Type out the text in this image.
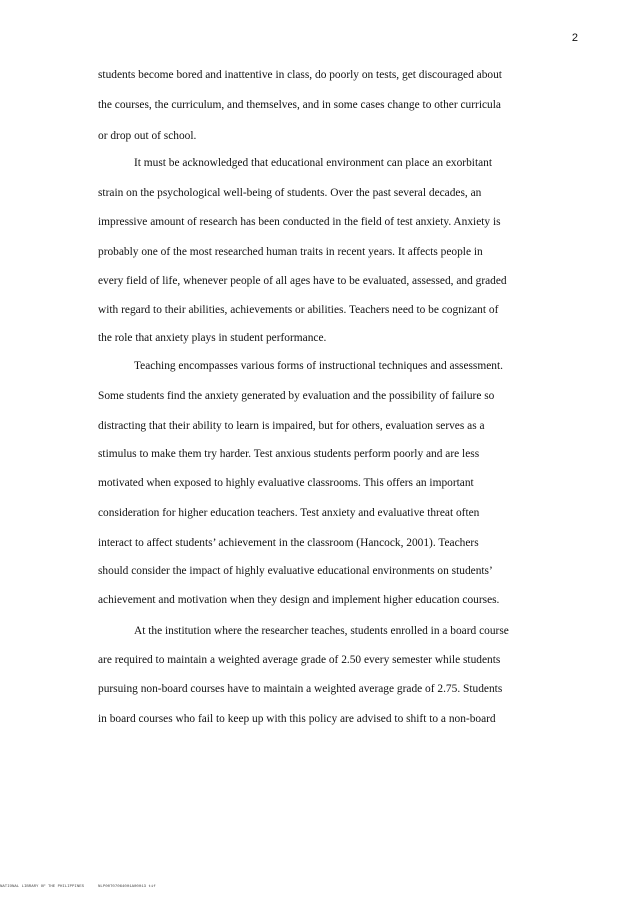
2
students become bored and inattentive in class, do poorly on tests, get discouraged about
the courses, the curriculum, and themselves, and in some cases change to other curricula
or drop out of school.
It must be acknowledged that educational environment can place an exorbitant
strain on the psychological well-being of students. Over the past several decades, an
impressive amount of research has been conducted in the field of test anxiety. Anxiety is
probably one of the most researched human traits in recent years. It affects people in
every field of life, whenever people of all ages have to be evaluated, assessed, and graded
with regard to their abilities, achievements or abilities. Teachers need to be cognizant of
the role that anxiety plays in student performance.
Teaching encompasses various forms of instructional techniques and assessment.
Some students find the anxiety generated by evaluation and the possibility of failure so
distracting that their ability to learn is impaired, but for others, evaluation serves as a
stimulus to make them try harder. Test anxious students perform poorly and are less
motivated when exposed to highly evaluative classrooms. This offers an important
consideration for higher education teachers. Test anxiety and evaluative threat often
interact to affect students’ achievement in the classroom (Hancock, 2001). Teachers
should consider the impact of highly evaluative educational environments on students’
achievement and motivation when they design and implement higher education courses.
At the institution where the researcher teaches, students enrolled in a board course
are required to maintain a weighted average grade of 2.50 every semester while students
pursuing non-board courses have to maintain a weighted average grade of 2.75. Students
in board courses who fail to keep up with this policy are advised to shift to a non-board
NATIONAL LIBRARY OF THE PHILIPPINES	NLP00T07064001A00013 tif
